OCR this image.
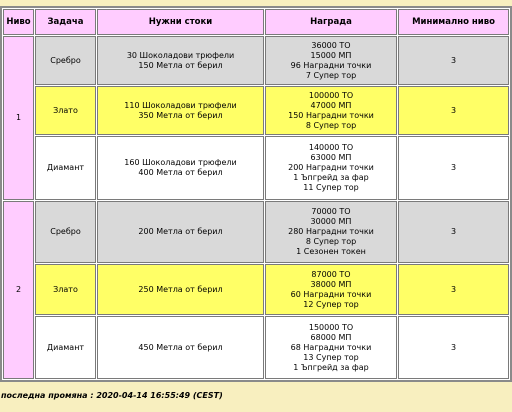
Ниво	Задача	Нужни стоки	Награда	Минимално ниво
1	Сребро	30 Шоколадови трюфели
150 Метла от берил	36000 TO
15000 МП
96 Наградни точки
7 Супер тор	3
	Злато	110 Шоколадови трюфели
350 Метла от берил	100000 TO
47000 МП
150 Наградни точки
8 Супер тор	3
	Диамант	160 Шоколадови трюфели
400 Метла от берил	140000 TO
63000 МП
200 Наградни точки
1 Ъпгрейд за фар
11 Супер тор	3
2	Сребро	200 Метла от берил	70000 TO
30000 МП
280 Наградни точки
8 Супер тор
1 Сезонен токен	3
	Злато	250 Метла от берил	87000 TO
38000 МП
60 Наградни точки
12 Супер тор	3
	Диамант	450 Метла от берил	150000 TO
68000 МП
68 Наградни точки
13 Супер тор
1 Ъпгрейд за фар	3
последна промяна : 2020-04-14 16:55:49 (CEST)
